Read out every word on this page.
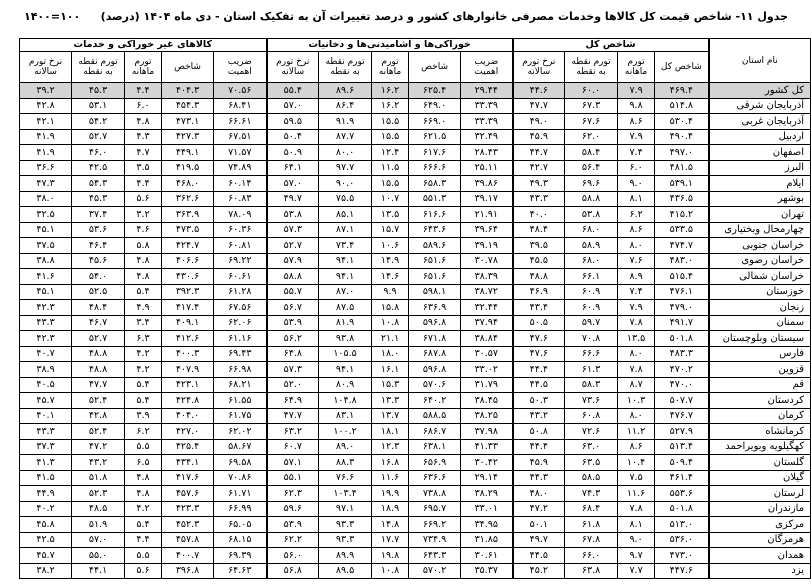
جدول ۱۱- شاخص قیمت کل کالاها وخدمات مصرفی خانوارهای کشور و درصد تغییرات آن به تفکیک استان - دی ماه ۱۴۰۴ (درصد)
۱۴۰۰=۱۰۰
نام استان	شاخص کل				خوراکی‌ها و آشامیدنی‌ها و دخانیات					کالاهای غیر خوراکی و خدمات				
	شاخص کل	تورم ماهانه	تورم نقطه به نقطه	نرخ تورم سالانه	ضریب اهمیت	شاخص	تورم ماهانه	تورم نقطه به نقطه	نرخ تورم سالانه	ضریب اهمیت	شاخص	تورم ماهانه	تورم نقطه به نقطه	نرخ تورم سالانه
کل کشور	۴۶۹.۴	۷.۹	۶۰.۰	۴۴.۶	۲۹.۴۴	۶۲۵.۴	۱۶.۲	۸۹.۶	۵۵.۴	۷۰.۵۶	۴۰۴.۳	۴.۴	۴۵.۳	۳۹.۲
آذربایجان شرقی	۵۱۴.۸	۹.۸	۶۷.۳	۴۷.۷	۳۳.۳۹	۶۴۹.۰	۱۶.۲	۸۶.۴	۵۷.۰	۶۸.۴۱	۴۵۴.۳	۶.۰	۵۳.۱	۴۲.۸
آذربایجان غربی	۵۳۰.۴	۸.۶	۶۷.۶	۴۹.۰	۳۳.۳۹	۶۶۹.۰	۱۵.۵	۹۱.۹	۵۹.۵	۶۶.۶۱	۴۷۳.۱	۴.۸	۵۴.۲	۴۲.۱
اردبیل	۴۹۰.۴	۷.۹	۶۲.۰	۴۵.۹	۳۲.۴۹	۶۲۱.۵	۱۵.۵	۸۷.۷	۵۰.۴	۶۷.۵۱	۴۲۷.۳	۴.۳	۵۲.۷	۴۱.۹
اصفهان	۴۹۷.۰	۷.۴	۵۸.۴	۴۴.۷	۲۸.۴۳	۶۱۷.۶	۱۲.۴	۸۰.۰	۵۰.۹	۷۱.۵۷	۴۴۹.۱	۴.۷	۴۶.۰	۴۱.۹
البرز	۴۸۱.۵	۶.۰	۵۶.۴	۴۲.۷	۲۵.۱۱	۶۶۶.۶	۱۱.۵	۹۷.۷	۶۴.۱	۷۴.۸۹	۴۱۹.۵	۳.۵	۴۲.۵	۳۶.۶
ایلام	۵۳۹.۱	۹.۰	۶۹.۶	۴۹.۳	۳۹.۸۶	۶۵۸.۳	۱۵.۵	۹۰.۰	۵۷.۰	۶۰.۱۴	۴۶۸.۰	۴.۴	۵۴.۳	۴۷.۳
بوشهر	۴۳۶.۵	۸.۱	۵۸.۸	۴۳.۳	۳۹.۱۷	۵۵۱.۳	۱۰.۷	۷۵.۵	۴۹.۷	۶۰.۸۳	۳۶۲.۶	۵.۶	۴۵.۳	۳۸.۰
تهران	۴۱۵.۲	۶.۲	۵۳.۸	۴۰.۰	۲۱.۹۱	۶۱۶.۶	۱۳.۵	۸۵.۱	۵۳.۸	۷۸.۰۹	۳۶۳.۹	۳.۲	۳۷.۴	۳۲.۵
چهارمحال وبختیاری	۵۳۳.۵	۸.۶	۶۸.۰	۴۸.۴	۳۹.۶۴	۶۴۳.۶	۱۵.۷	۸۷.۱	۵۷.۳	۶۰.۳۶	۴۷۳.۵	۴.۶	۵۳.۶	۴۵.۱
خراسان جنوبی	۴۷۴.۷	۸.۰	۵۸.۹	۳۹.۵	۳۹.۱۹	۵۸۹.۶	۱۰.۶	۷۳.۴	۵۲.۷	۶۰.۸۱	۴۲۴.۷	۵.۸	۴۶.۴	۳۷.۵
خراسان رضوی	۴۸۳.۰	۷.۶	۶۸.۰	۴۵.۵	۳۰.۷۸	۶۵۱.۶	۱۴.۹	۹۴.۱	۵۷.۹	۶۹.۲۲	۴۰۶.۶	۴.۸	۴۵.۶	۳۸.۸
خراسان شمالی	۵۱۵.۴	۸.۹	۶۶.۱	۴۸.۸	۳۸.۳۹	۶۵۱.۶	۱۴.۶	۹۴.۱	۵۸.۸	۶۰.۶۱	۴۳۰.۶	۴.۸	۵۴.۰	۴۱.۶
خوزستان	۴۷۶.۱	۷.۴	۶۰.۹	۴۶.۹	۳۸.۷۲	۵۹۸.۱	۹.۹	۸۷.۰	۵۵.۷	۶۱.۲۸	۳۹۲.۳	۵.۴	۵۲.۵	۴۵.۱
زنجان	۴۷۹.۰	۷.۹	۶۰.۹	۴۳.۴	۳۲.۴۴	۶۳۶.۹	۱۵.۸	۸۷.۵	۵۶.۷	۶۷.۵۶	۴۱۷.۴	۴.۹	۴۸.۴	۴۲.۳
سمنان	۴۹۱.۷	۷.۸	۵۹.۷	۵۰.۵	۳۷.۹۴	۵۹۶.۸	۱۰.۸	۸۱.۹	۵۳.۹	۶۲.۰۶	۴۰۹.۱	۳.۴	۴۶.۷	۴۳.۳
سیستان وبلوچستان	۵۰۱.۸	۱۳.۵	۷۰.۸	۴۷.۶	۳۸.۸۴	۶۷۱.۸	۲۱.۱	۹۳.۸	۵۶.۲	۶۱.۱۶	۴۱۲.۶	۶.۳	۵۲.۷	۴۲.۳
فارس	۴۸۳.۳	۸.۰	۶۶.۶	۴۷.۶	۳۰.۵۷	۶۸۷.۸	۱۸.۰	۱۰۵.۵	۶۴.۸	۶۹.۴۳	۴۰۰.۳	۴.۲	۴۸.۸	۴۰.۷
قزوین	۴۷۰.۲	۷.۸	۶۱.۳	۴۴.۴	۳۳.۰۲	۵۹۶.۸	۱۶.۱	۹۴.۱	۵۷.۳	۶۶.۹۸	۴۰۷.۹	۴.۲	۴۸.۸	۳۸.۹
قم	۴۷۰.۰	۸.۷	۵۸.۳	۴۴.۵	۳۱.۷۹	۵۷۰.۶	۱۵.۳	۸۰.۹	۵۲.۰	۶۸.۲۱	۴۲۳.۱	۵.۴	۴۷.۷	۴۰.۵
کردستان	۵۰۷.۷	۱۰.۳	۷۳.۶	۵۰.۳	۳۸.۴۵	۶۴۰.۲	۱۳.۳	۱۰۴.۸	۶۴.۹	۶۱.۵۵	۴۲۴.۸	۵.۴	۵۲.۴	۴۵.۷
کرمان	۴۷۶.۷	۸.۰	۶۰.۸	۴۳.۲	۳۸.۲۵	۵۸۸.۵	۱۳.۷	۸۳.۱	۴۷.۷	۶۱.۷۵	۴۰۴.۰	۳.۹	۴۲.۸	۴۰.۱
کرمانشاه	۵۲۷.۹	۱۱.۲	۷۲.۶	۵۰.۸	۳۷.۹۸	۶۸۶.۷	۱۸.۱	۱۰۰.۲	۶۳.۲	۶۲.۰۲	۴۲۷.۰	۶.۲	۵۲.۴	۴۳.۳
کهگیلویه وبویراحمد	۵۱۳.۴	۸.۶	۶۳.۰	۴۴.۴	۴۱.۳۳	۶۳۸.۱	۱۲.۳	۸۹.۰	۶۰.۷	۵۸.۶۷	۴۲۵.۴	۵.۵	۴۷.۲	۳۷.۳
گلستان	۵۰۹.۴	۱۰.۴	۶۳.۵	۴۵.۹	۳۰.۴۲	۶۵۶.۹	۱۶.۸	۸۸.۳	۵۷.۱	۶۹.۵۸	۴۳۴.۱	۶.۵	۴۳.۲	۴۱.۳
گیلان	۴۶۱.۴	۷.۵	۵۸.۵	۴۴.۳	۲۹.۱۴	۶۳۶.۶	۱۱.۶	۷۶.۶	۵۵.۱	۷۰.۸۶	۴۱۷.۶	۴.۸	۵۱.۸	۴۱.۵
لرستان	۵۵۳.۶	۱۱.۶	۷۴.۳	۴۸.۰	۳۸.۲۹	۷۳۸.۸	۱۹.۹	۱۰۳.۴	۶۲.۳	۶۱.۷۱	۴۵۷.۶	۴.۸	۵۲.۳	۴۴.۹
مازندران	۵۰۱.۸	۷.۸	۶۸.۴	۴۷.۲	۳۳.۰۱	۶۹۵.۷	۱۸.۹	۹۷.۱	۵۹.۶	۶۶.۹۹	۴۲۳.۳	۴.۲	۴۸.۵	۴۰.۲
مرکزی	۵۱۳.۰	۸.۱	۶۱.۸	۵۰.۱	۳۴.۹۵	۶۶۹.۲	۱۴.۸	۹۳.۳	۵۳.۹	۶۵.۰۵	۴۵۲.۳	۵.۴	۵۱.۹	۴۵.۸
هرمزگان	۵۳۶.۰	۹.۰	۶۷.۸	۴۹.۷	۳۱.۸۵	۷۳۴.۹	۱۷.۷	۹۳.۳	۶۲.۲	۶۸.۱۵	۴۵۷.۸	۴.۴	۵۷.۰	۴۲.۵
همدان	۴۷۳.۰	۹.۷	۶۶.۰	۴۴.۵	۳۰.۶۱	۶۴۳.۳	۱۹.۸	۸۹.۹	۵۶.۰	۶۹.۳۹	۴۰۰.۷	۵.۵	۵۵.۰	۴۵.۷
یزد	۴۴۷.۶	۷.۷	۶۳.۸	۴۵.۲	۳۵.۳۷	۵۷۰.۲	۱۰.۸	۸۹.۵	۵۶.۸	۶۴.۶۳	۳۹۶.۸	۵.۶	۴۴.۱	۳۸.۲
